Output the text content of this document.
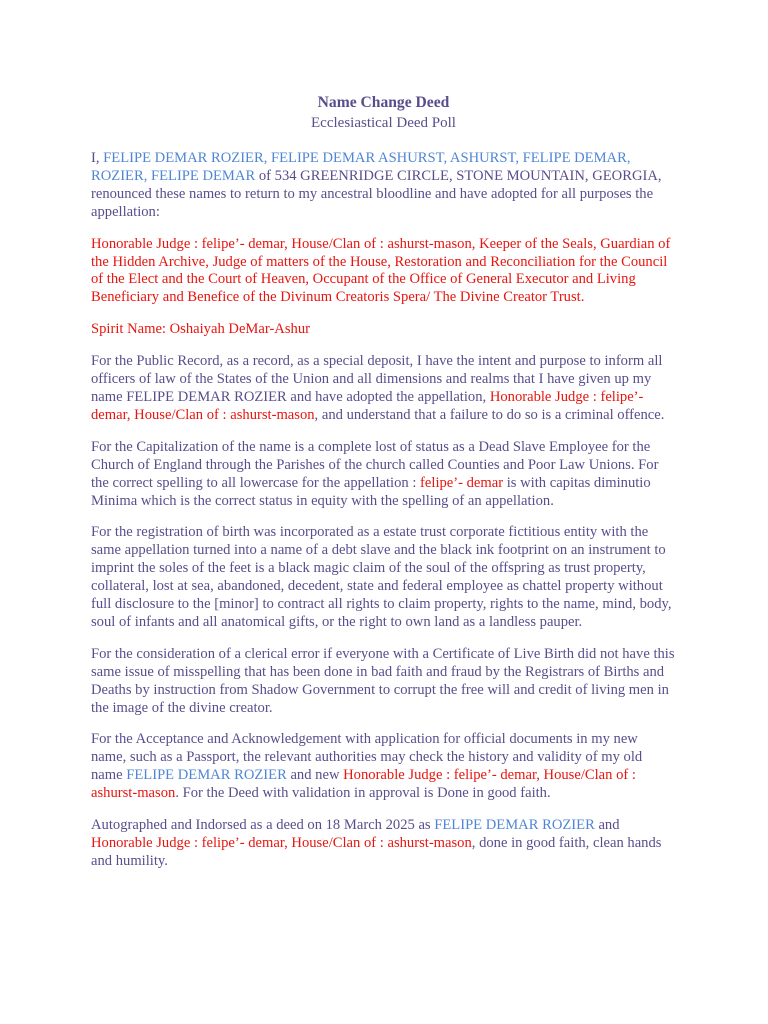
Name Change Deed
Ecclesiastical Deed Poll

I, FELIPE DEMAR ROZIER, FELIPE DEMAR ASHURST, ASHURST, FELIPE DEMAR, ROZIER, FELIPE DEMAR of 534 GREENRIDGE CIRCLE, STONE MOUNTAIN, GEORGIA, renounced these names to return to my ancestral bloodline and have adopted for all purposes the appellation:

Honorable Judge : felipe’- demar, House/Clan of : ashurst-mason, Keeper of the Seals, Guardian of the Hidden Archive, Judge of matters of the House, Restoration and Reconciliation for the Council of the Elect and the Court of Heaven, Occupant of the Office of General Executor and Living Beneficiary and Benefice of the Divinum Creatoris Spera/ The Divine Creator Trust.

Spirit Name: Oshaiyah DeMar-Ashur

For the Public Record, as a record, as a special deposit, I have the intent and purpose to inform all officers of law of the States of the Union and all dimensions and realms that I have given up my name FELIPE DEMAR ROZIER and have adopted the appellation, Honorable Judge : felipe’- demar, House/Clan of : ashurst-mason, and understand that a failure to do so is a criminal offence.

For the Capitalization of the name is a complete lost of status as a Dead Slave Employee for the Church of England through the Parishes of the church called Counties and Poor Law Unions. For the correct spelling to all lowercase for the appellation : felipe’- demar is with capitas diminutio Minima which is the correct status in equity with the spelling of an appellation.

For the registration of birth was incorporated as a estate trust corporate fictitious entity with the same appellation turned into a name of a debt slave and the black ink footprint on an instrument to imprint the soles of the feet is a black magic claim of the soul of the offspring as trust property, collateral, lost at sea, abandoned, decedent, state and federal employee as chattel property without full disclosure to the [minor] to contract all rights to claim property, rights to the name, mind, body, soul of infants and all anatomical gifts, or the right to own land as a landless pauper.

For the consideration of a clerical error if everyone with a Certificate of Live Birth did not have this same issue of misspelling that has been done in bad faith and fraud by the Registrars of Births and Deaths by instruction from Shadow Government to corrupt the free will and credit of living men in the image of the divine creator.

For the Acceptance and Acknowledgement with application for official documents in my new name, such as a Passport, the relevant authorities may check the history and validity of my old name FELIPE DEMAR ROZIER and new Honorable Judge : felipe’- demar, House/Clan of : ashurst-mason. For the Deed with validation in approval is Done in good faith.

Autographed and Indorsed as a deed on 18 March 2025 as FELIPE DEMAR ROZIER and Honorable Judge : felipe’- demar, House/Clan of : ashurst-mason, done in good faith, clean hands and humility.
